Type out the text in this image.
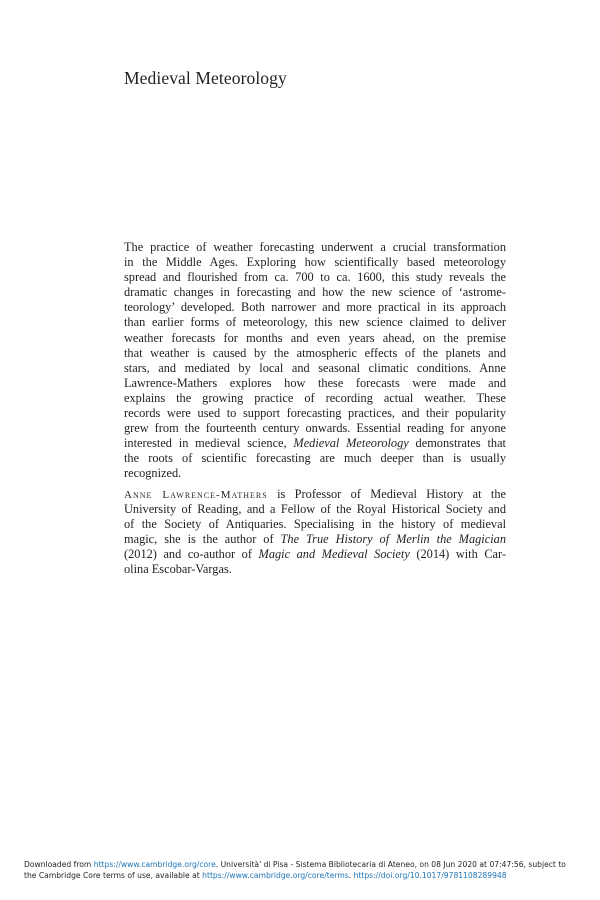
Medieval Meteorology
The practice of weather forecasting underwent a crucial transformation
in the Middle Ages. Exploring how scientifically based meteorology
spread and flourished from ca. 700 to ca. 1600, this study reveals the
dramatic changes in forecasting and how the new science of ‘astrome-
teorology’ developed. Both narrower and more practical in its approach
than earlier forms of meteorology, this new science claimed to deliver
weather forecasts for months and even years ahead, on the premise
that weather is caused by the atmospheric effects of the planets and
stars, and mediated by local and seasonal climatic conditions. Anne
Lawrence-Mathers explores how these forecasts were made and
explains the growing practice of recording actual weather. These
records were used to support forecasting practices, and their popularity
grew from the fourteenth century onwards. Essential reading for anyone
interested in medieval science, Medieval Meteorology demonstrates that
the roots of scientific forecasting are much deeper than is usually
recognized.
Anne Lawrence-Mathers is Professor of Medieval History at the
University of Reading, and a Fellow of the Royal Historical Society and
of the Society of Antiquaries. Specialising in the history of medieval
magic, she is the author of The True History of Merlin the Magician
(2012) and co-author of Magic and Medieval Society (2014) with Car-
olina Escobar-Vargas.
Downloaded from https://www.cambridge.org/core. Università' di Pisa - Sistema Bibliotecaria di Ateneo, on 08 Jun 2020 at 07:47:56, subject to
the Cambridge Core terms of use, available at https://www.cambridge.org/core/terms. https://doi.org/10.1017/9781108289948
